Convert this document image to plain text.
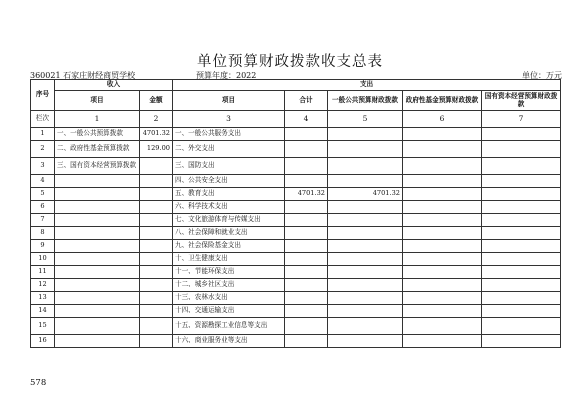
单位预算财政拨款收支总表
360021 石家庄财经商贸学校	预算年度：2022	单位：万元
序号	收入		支出				
	项目	金额	项目	合计	一般公共预算财政拨款	政府性基金预算财政拨款	国有资本经营预算财政拨款
栏次	1	2	3	4	5	6	7
1	一、一般公共预算拨款	4701.32	一、一般公共服务支出				
2	二、政府性基金预算拨款	129.00	二、外交支出				
3	三、国有资本经营预算拨款		三、国防支出				
4			四、公共安全支出				
5			五、教育支出	4701.32	4701.32		
6			六、科学技术支出				
7			七、文化旅游体育与传媒支出				
8			八、社会保障和就业支出				
9			九、社会保险基金支出				
10			十、卫生健康支出				
11			十一、节能环保支出				
12			十二、城乡社区支出				
13			十三、农林水支出				
14			十四、交通运输支出				
15			十五、资源勘探工业信息等支出				
16			十六、商业服务业等支出				
578
